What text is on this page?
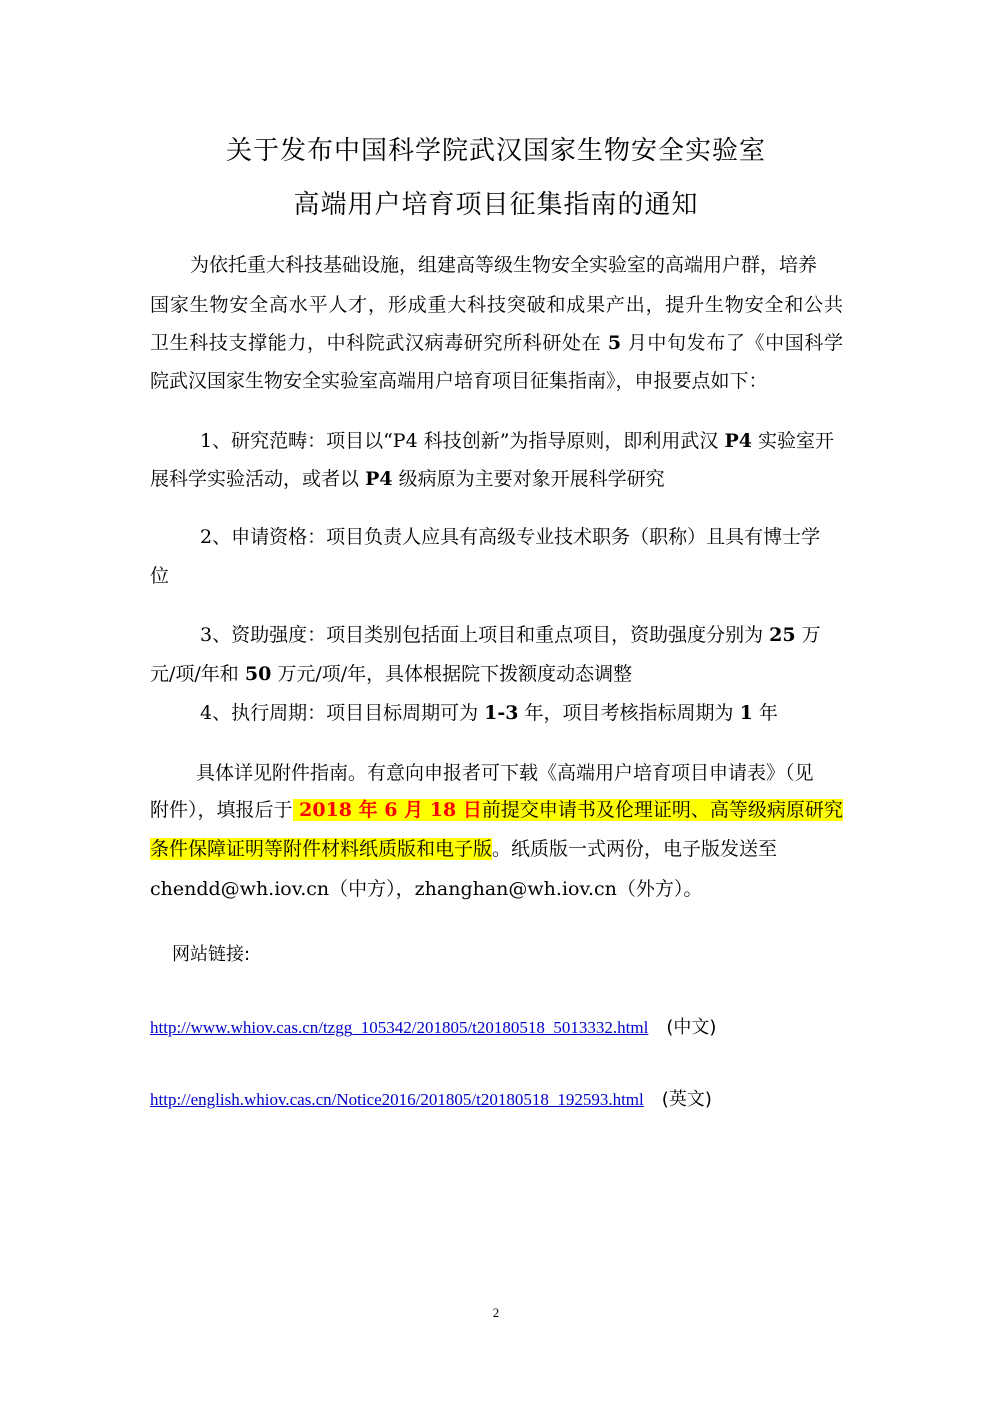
关于发布中国科学院武汉国家生物安全实验室
高端用户培育项目征集指南的通知
为依托重大科技基础设施，组建高等级生物安全实验室的高端用户群，培养
国家生物安全高水平人才，形成重大科技突破和成果产出，提升生物安全和公共
卫生科技支撑能力，中科院武汉病毒研究所科研处在 5 月中旬发布了《中国科学
院武汉国家生物安全实验室高端用户培育项目征集指南》，申报要点如下：
1、研究范畴：项目以“P4 科技创新”为指导原则，即利用武汉 P4 实验室开
展科学实验活动，或者以 P4 级病原为主要对象开展科学研究
2、申请资格：项目负责人应具有高级专业技术职务（职称）且具有博士学
位
3、资助强度：项目类别包括面上项目和重点项目，资助强度分别为 25 万
元/项/年和 50 万元/项/年，具体根据院下拨额度动态调整
4、执行周期：项目目标周期可为 1-3 年，项目考核指标周期为 1 年
具体详见附件指南。有意向申报者可下载《高端用户培育项目申请表》（见
附件），填报后于 2018 年 6 月 18 日前提交申请书及伦理证明、高等级病原研究
条件保障证明等附件材料纸质版和电子版。纸质版一式两份，电子版发送至
chendd@wh.iov.cn（中方），zhanghan@wh.iov.cn（外方）。
网站链接:
http://www.whiov.cas.cn/tzgg_105342/201805/t20180518_5013332.html (中文)
http://english.whiov.cas.cn/Notice2016/201805/t20180518_192593.html (英文)
2
